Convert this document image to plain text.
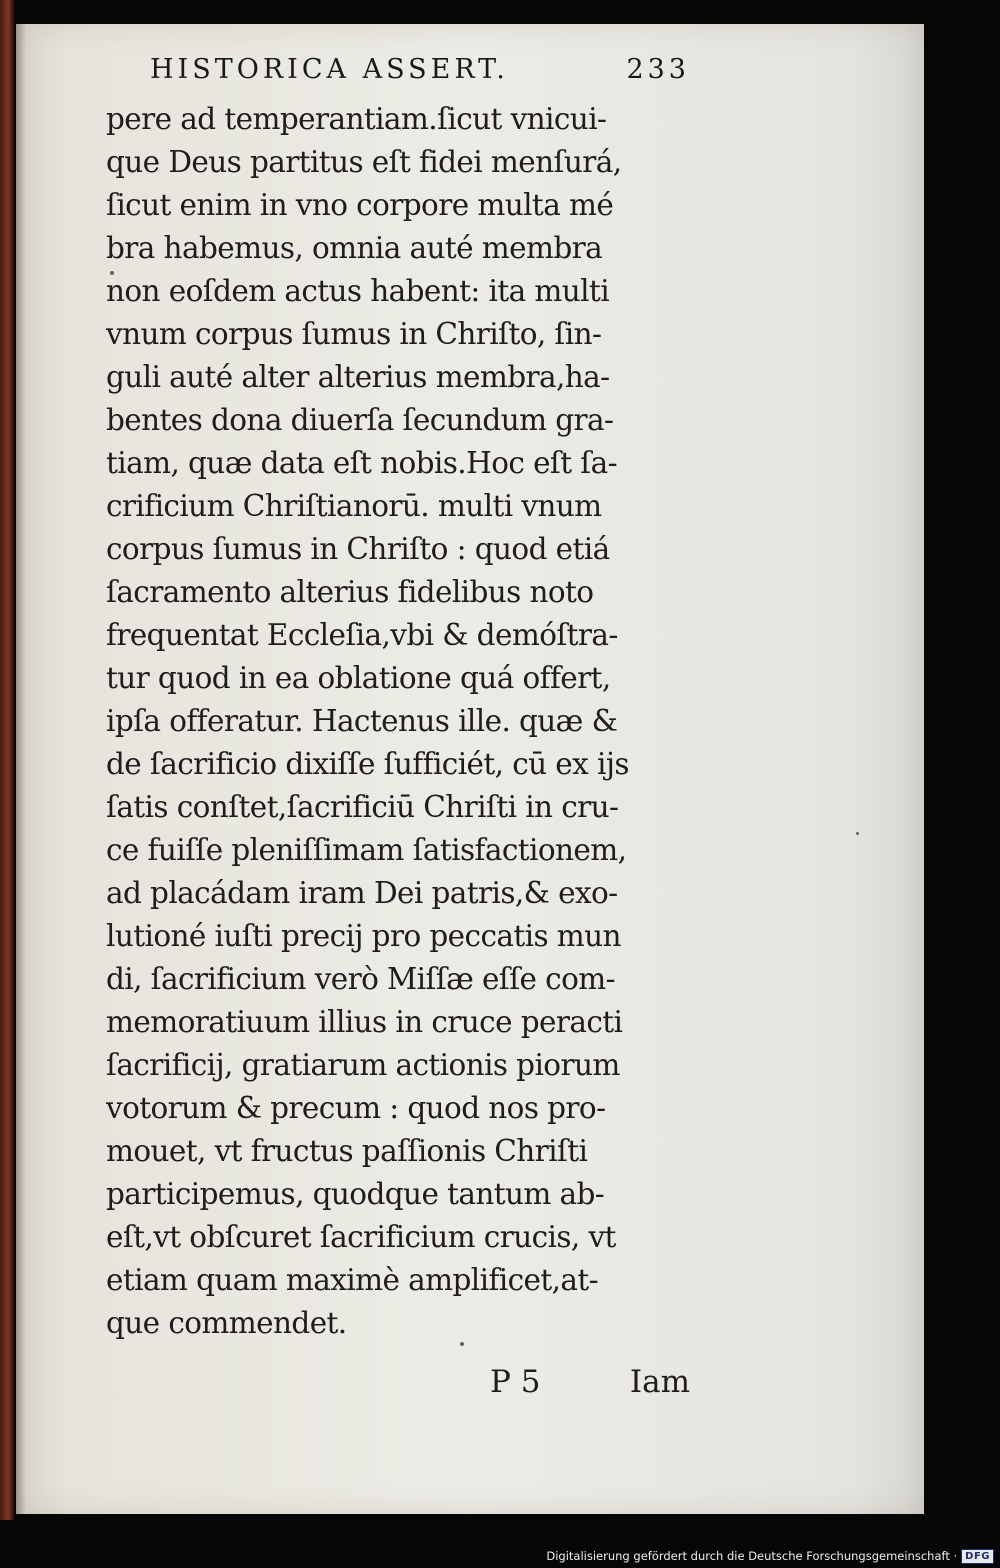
HISTORICA ASSERT.	233
pere ad temperantiam.ſicut vnicui-
que Deus partitus eſt fidei menſurá,
ſicut enim in vno corpore multa mé
bra habemus, omnia auté membra
non eoſdem actus habent: ita multi
vnum corpus ſumus in Chriſto, ſin-
guli auté alter alterius membra,ha-
bentes dona diuerſa ſecundum gra-
tiam, quæ data eſt nobis.Hoc eſt ſa-
crificium Chriſtianorū. multi vnum
corpus ſumus in Chriſto : quod etiá
ſacramento alterius fidelibus noto
frequentat Eccleſia,vbi & demóſtra-
tur quod in ea oblatione quá offert,
ipſa offeratur. Hactenus ille. quæ &
de ſacrificio dixiſſe ſufficiét, cū ex ijs
ſatis conſtet,ſacrificiū Chriſti in cru-
ce fuiſſe pleniſſimam ſatisfactionem,
ad placádam iram Dei patris,& exo-
lutioné iuſti precij pro peccatis mun
di, ſacrificium verò Miſſæ eſſe com-
memoratiuum illius in cruce peracti
ſacrificij, gratiarum actionis piorum
votorum & precum : quod nos pro-
mouet, vt fructus paſſionis Chriſti
participemus, quodque tantum ab-
eſt,vt obſcuret ſacrificium crucis, vt
etiam quam maximè amplificet,at-
que commendet.
P 5	Iam
Digitalisierung gefördert durch die Deutsche Forschungsgemeinschaft · DFG
